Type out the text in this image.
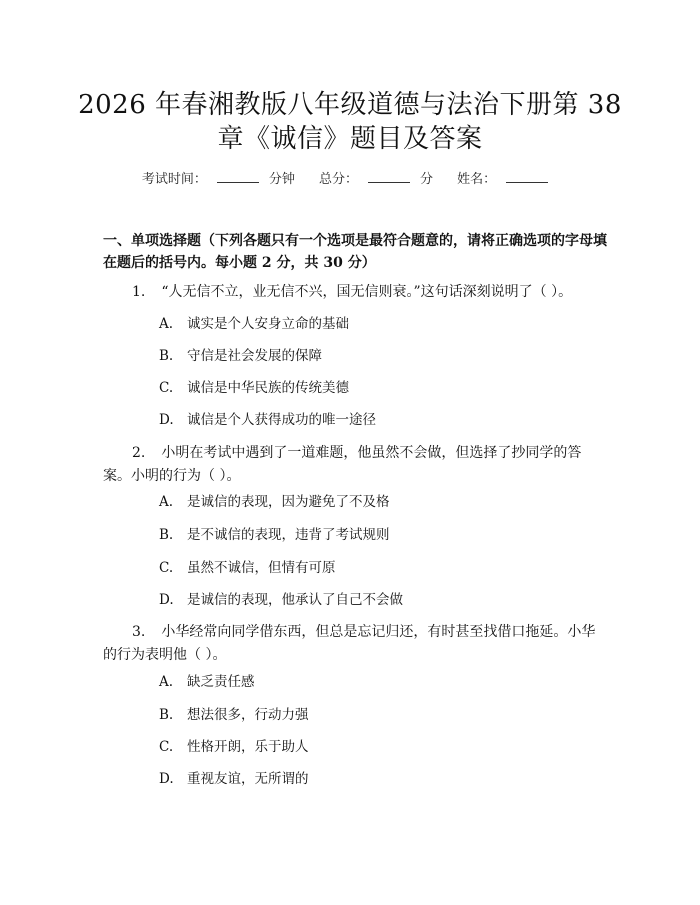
2026 年春湘教版八年级道德与法治下册第 38
章《诚信》题目及答案
考试时间：	分钟 总分：	分 姓名：
一、单项选择题（下列各题只有一个选项是最符合题意的，请将正确选项的字母填在题后的括号内。每小题 2 分，共 30 分）
1. “人无信不立，业无信不兴，国无信则衰。”这句话深刻说明了（ ）。
A. 诚实是个人安身立命的基础
B. 守信是社会发展的保障
C. 诚信是中华民族的传统美德
D. 诚信是个人获得成功的唯一途径
2. 小明在考试中遇到了一道难题，他虽然不会做，但选择了抄同学的答案。小明的行为（ ）。
A. 是诚信的表现，因为避免了不及格
B. 是不诚信的表现，违背了考试规则
C. 虽然不诚信，但情有可原
D. 是诚信的表现，他承认了自己不会做
3. 小华经常向同学借东西，但总是忘记归还，有时甚至找借口拖延。小华的行为表明他（ ）。
A. 缺乏责任感
B. 想法很多，行动力强
C. 性格开朗，乐于助人
D. 重视友谊，无所谓的
